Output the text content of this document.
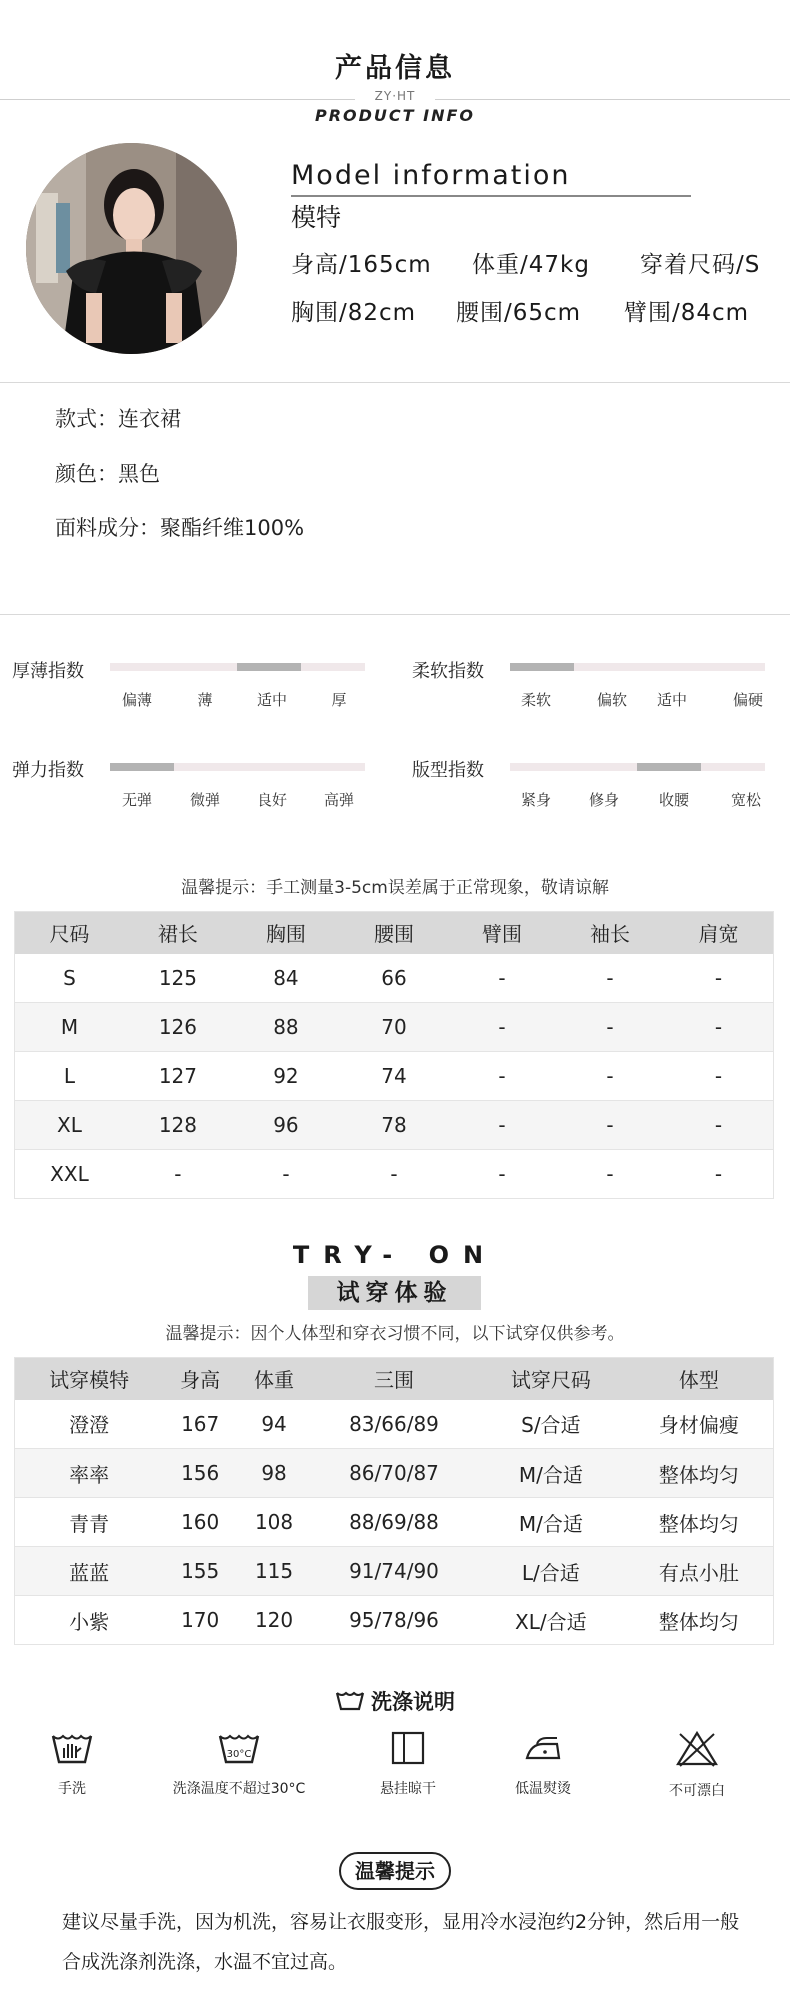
产品信息
ZY·HT
PRODUCT INFO
Model information
模特
身高/165cm 体重/47kg 穿着尺码/S
胸围/82cm 腰围/65cm 臂围/84cm
款式：连衣裙
颜色：黑色
面料成分：聚酯纤维100%
厚薄指数
偏薄	薄	适中	厚
柔软指数
柔软	偏软 适中	偏硬
弹力指数
无弹	微弹 良好 高弹
版型指数
紧身	修身	收腰	宽松
温馨提示：手工测量3-5cm误差属于正常现象，敬请谅解
尺码	裙长	胸围	腰围	臂围	袖长	肩宽
S	125	84	66	-	-	-
M	126	88	70	-	-	-
L	127	92	74	-	-	-
XL	128	96	78	-	-	-
XXL	-	-	-	-	-	-
TRY- ON
试穿体验
温馨提示：因个人体型和穿衣习惯不同，以下试穿仅供参考。
试穿模特	身高	体重	三围	试穿尺码	体型
澄澄	167	94	83/66/89	S/合适	身材偏瘦
率率	156	98	86/70/87	M/合适	整体均匀
青青	160	108	88/69/88	M/合适	整体均匀
蓝蓝	155	115	91/74/90	L/合适	有点小肚
小紫	170	120	95/78/96	XL/合适	整体均匀
洗涤说明
手洗
30°C
洗涤温度不超过30°C	悬挂晾干	低温熨烫	不可漂白
温馨提示
建议尽量手洗，因为机洗，容易让衣服变形，显用冷水浸泡约2分钟，然后用一般合成洗涤剂洗涤，水温不宜过高。
